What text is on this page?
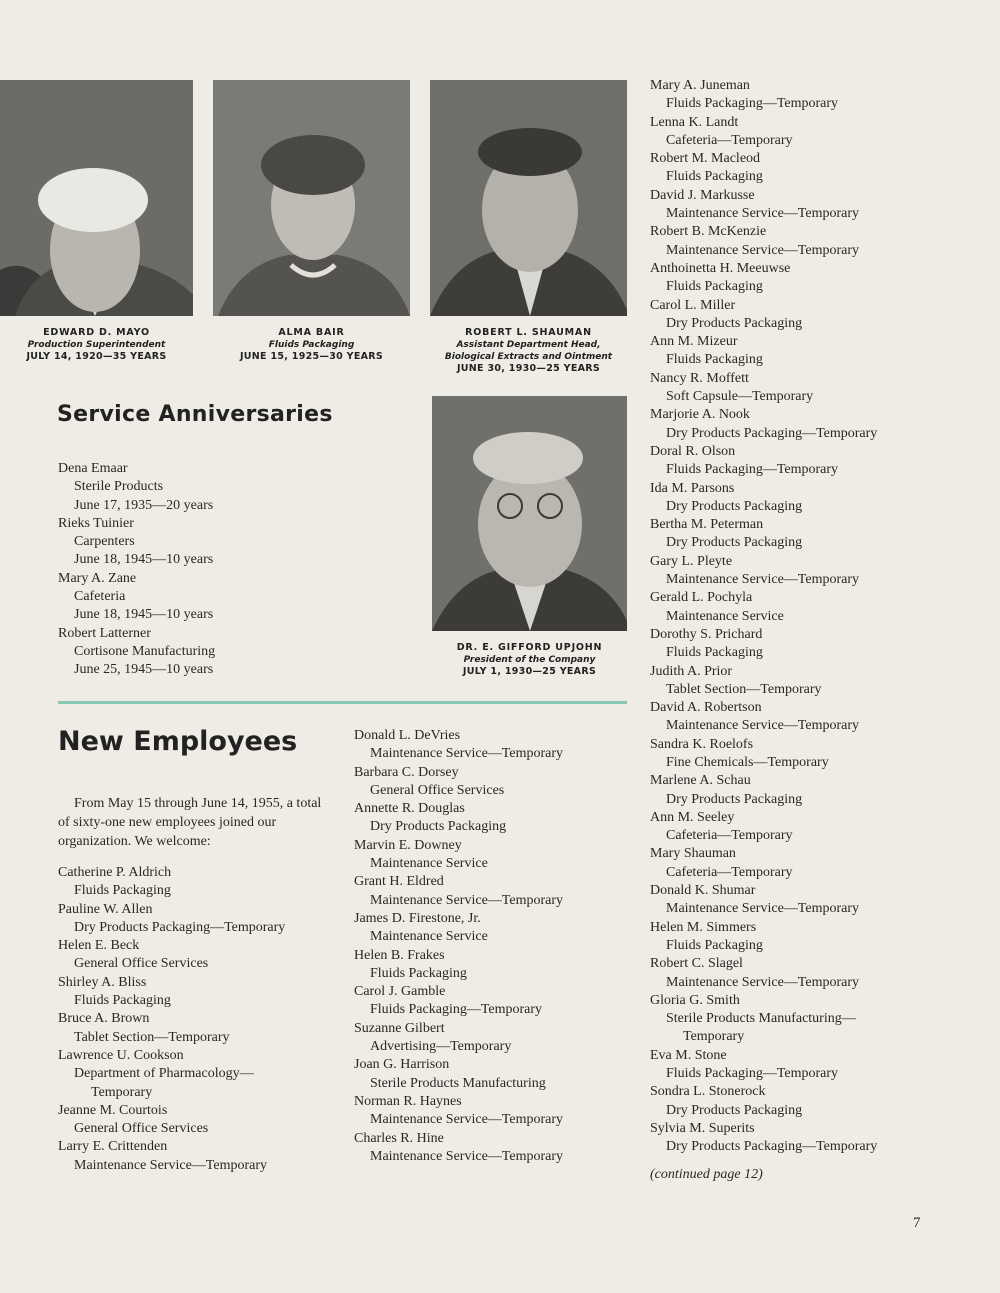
EDWARD D. MAYO
Production Superintendent
JULY 14, 1920—35 YEARS
ALMA BAIR
Fluids Packaging
JUNE 15, 1925—30 YEARS
ROBERT L. SHAUMAN
Assistant Department Head,
Biological Extracts and Ointment
JUNE 30, 1930—25 YEARS
DR. E. GIFFORD UPJOHN
President of the Company
JULY 1, 1930—25 YEARS
Service Anniversaries
Dena Emaar
Sterile Products
June 17, 1935—20 years
Rieks Tuinier
Carpenters
June 18, 1945—10 years
Mary A. Zane
Cafeteria
June 18, 1945—10 years
Robert Latterner
Cortisone Manufacturing
June 25, 1945—10 years
New Employees
From May 15 through June 14, 1955, a total of sixty-one new employees joined our organization. We welcome:
Catherine P. Aldrich
Fluids Packaging
Pauline W. Allen
Dry Products Packaging—Temporary
Helen E. Beck
General Office Services
Shirley A. Bliss
Fluids Packaging
Bruce A. Brown
Tablet Section—Temporary
Lawrence U. Cookson
Department of Pharmacology—
Temporary
Jeanne M. Courtois
General Office Services
Larry E. Crittenden
Maintenance Service—Temporary
Donald L. DeVries
Maintenance Service—Temporary
Barbara C. Dorsey
General Office Services
Annette R. Douglas
Dry Products Packaging
Marvin E. Downey
Maintenance Service
Grant H. Eldred
Maintenance Service—Temporary
James D. Firestone, Jr.
Maintenance Service
Helen B. Frakes
Fluids Packaging
Carol J. Gamble
Fluids Packaging—Temporary
Suzanne Gilbert
Advertising—Temporary
Joan G. Harrison
Sterile Products Manufacturing
Norman R. Haynes
Maintenance Service—Temporary
Charles R. Hine
Maintenance Service—Temporary
Mary A. Juneman
Fluids Packaging—Temporary
Lenna K. Landt
Cafeteria—Temporary
Robert M. Macleod
Fluids Packaging
David J. Markusse
Maintenance Service—Temporary
Robert B. McKenzie
Maintenance Service—Temporary
Anthoinetta H. Meeuwse
Fluids Packaging
Carol L. Miller
Dry Products Packaging
Ann M. Mizeur
Fluids Packaging
Nancy R. Moffett
Soft Capsule—Temporary
Marjorie A. Nook
Dry Products Packaging—Temporary
Doral R. Olson
Fluids Packaging—Temporary
Ida M. Parsons
Dry Products Packaging
Bertha M. Peterman
Dry Products Packaging
Gary L. Pleyte
Maintenance Service—Temporary
Gerald L. Pochyla
Maintenance Service
Dorothy S. Prichard
Fluids Packaging
Judith A. Prior
Tablet Section—Temporary
David A. Robertson
Maintenance Service—Temporary
Sandra K. Roelofs
Fine Chemicals—Temporary
Marlene A. Schau
Dry Products Packaging
Ann M. Seeley
Cafeteria—Temporary
Mary Shauman
Cafeteria—Temporary
Donald K. Shumar
Maintenance Service—Temporary
Helen M. Simmers
Fluids Packaging
Robert C. Slagel
Maintenance Service—Temporary
Gloria G. Smith
Sterile Products Manufacturing—
Temporary
Eva M. Stone
Fluids Packaging—Temporary
Sondra L. Stonerock
Dry Products Packaging
Sylvia M. Superits
Dry Products Packaging—Temporary
(continued page 12)
7
